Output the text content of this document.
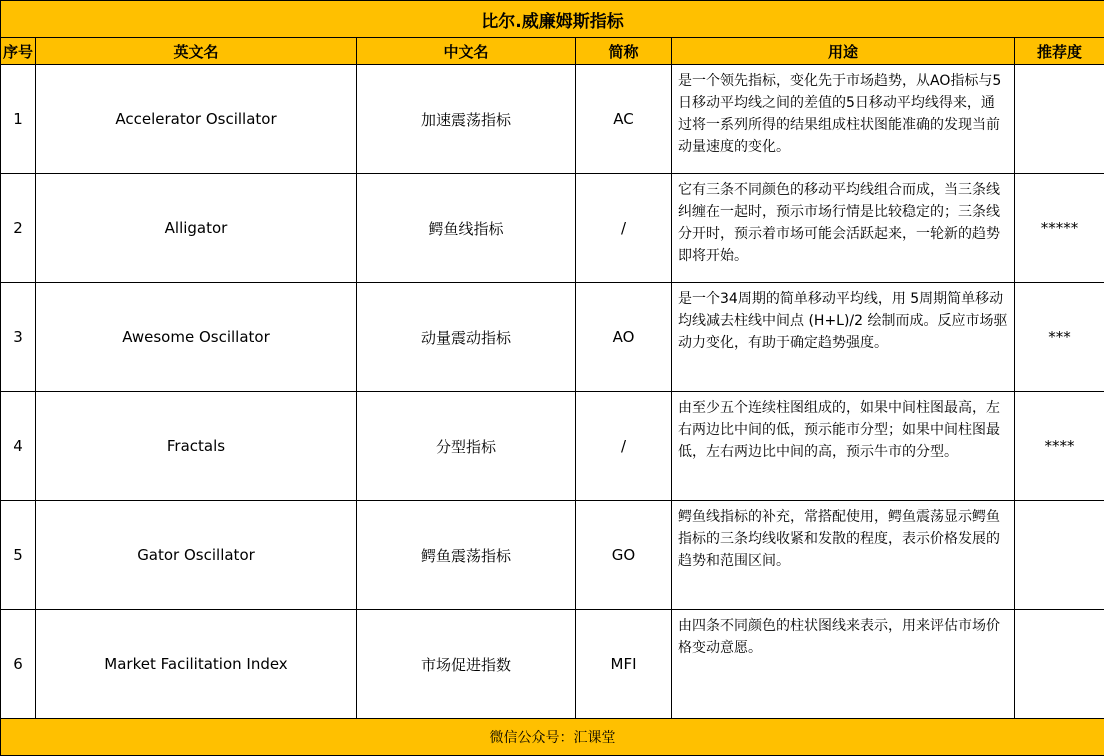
比尔.威廉姆斯指标					
序号	英文名	中文名	简称	用途	推荐度
1	Accelerator Oscillator	加速震荡指标	AC	是一个领先指标，变化先于市场趋势，从AO指标与5日移动平均线之间的差值的5日移动平均线得来，通过将一系列所得的结果组成柱状图能准确的发现当前动量速度的变化。	
2	Alligator	鳄鱼线指标	/	它有三条不同颜色的移动平均线组合而成，当三条线纠缠在一起时，预示市场行情是比较稳定的；三条线分开时，预示着市场可能会活跃起来，一轮新的趋势即将开始。	*****
3	Awesome Oscillator	动量震动指标	AO	是一个34周期的简单移动平均线，用 5周期简单移动均线减去柱线中间点 (H+L)/2 绘制而成。反应市场驱动力变化，有助于确定趋势强度。	***
4	Fractals	分型指标	/	由至少五个连续柱图组成的，如果中间柱图最高，左右两边比中间的低，预示能市分型；如果中间柱图最低，左右两边比中间的高，预示牛市的分型。	****
5	Gator Oscillator	鳄鱼震荡指标	GO	鳄鱼线指标的补充，常搭配使用，鳄鱼震荡显示鳄鱼指标的三条均线收紧和发散的程度，表示价格发展的趋势和范围区间。	
6	Market Facilitation Index	市场促进指数	MFI	由四条不同颜色的柱状图线来表示，用来评估市场价格变动意愿。	
微信公众号：汇课堂					
